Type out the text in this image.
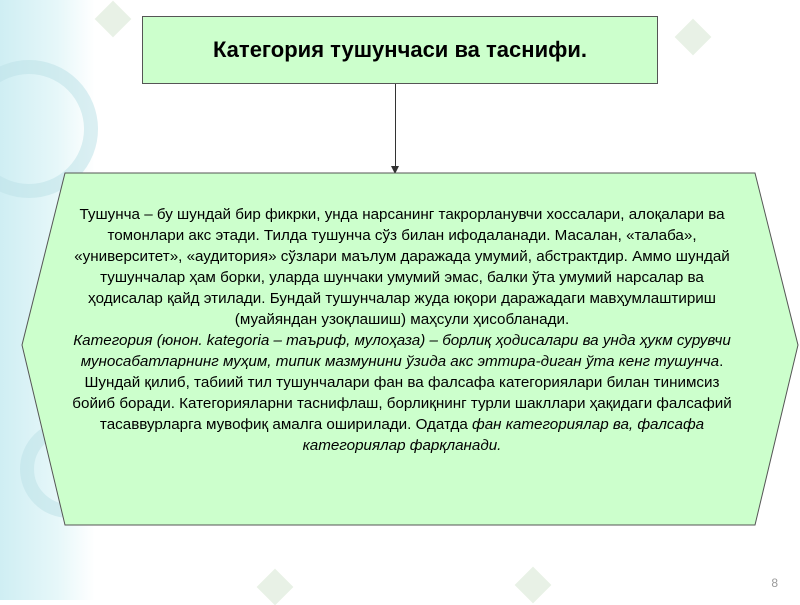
Категория тушунчаси ва таснифи.

Тушунча – бу шундай бир фикрки, унда нарсанинг такрорланувчи хоссалари, алоқалари ва томонлари акс этади. Тилда тушунча сўз билан ифодаланади. Масалан, «талаба», «университет», «аудитория» сўзлари маълум даражада умумий, абстрактдир. Аммо шундай тушунчалар ҳам борки, уларда шунчаки умумий эмас, балки ўта умумий нарсалар ва ҳодисалар қайд этилади. Бундай тушунчалар жуда юқори даражадаги мавҳумлаштириш (муайяндан узоқлашиш) маҳсули ҳисобланади.

Категория (юнон. kategoria – таъриф, мулоҳаза) – борлиқ ҳодисалари ва унда ҳукм сурувчи муносабатларнинг муҳим, типик мазмунини ўзида акс эттира-диган ўта кенг тушунча. Шундай қилиб, табиий тил тушунчалари фан ва фалсафа категориялари билан тинимсиз бойиб боради. Категорияларни таснифлаш, борлиқнинг турли шакллари ҳақидаги фалсафий тасаввурларга мувофиқ амалга оширилади. Одатда фан категориялар ва, фалсафа категориялар фарқланади.

8
